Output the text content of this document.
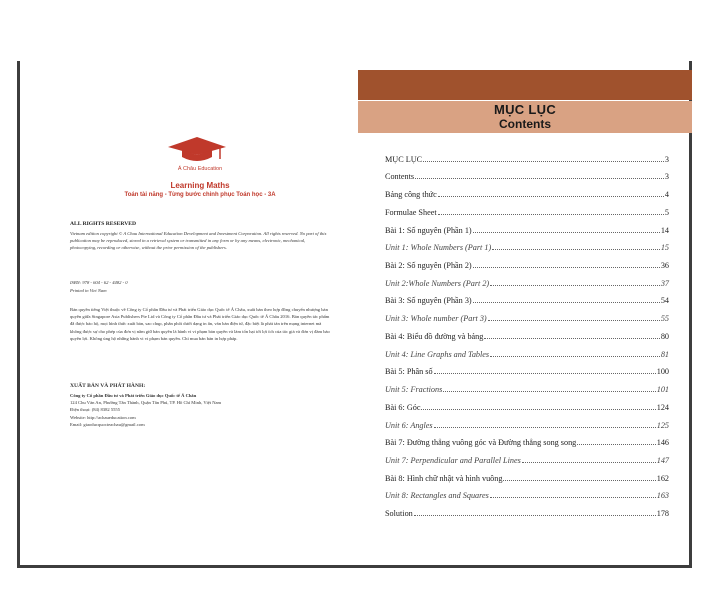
Á Châu Education
Learning Maths
Toán tài năng - Từng bước chinh phục Toán học - 3A
ALL RIGHTS RESERVED
Vietnam edition copyright © A Chau International Education Development and Investment Corporation. All rights reserved. No part of this publication may be reproduced, stored in a retrieval system or transmitted in any form or by any means, electronic, mechanical, photocopying, recording or otherwise, without the prior permission of the publishers.
ISBN: 978 - 604 - 62 - 4482 - 0
Printed in Viet Nam
Bản quyền tiếng Việt thuộc về Công ty Cổ phần Đầu tư và Phát triển Giáo dục Quốc tế Á Châu, xuất bản theo hợp đồng chuyển nhượng bản quyền giữa Singapore Asia Publishers Pte Ltd và Công ty Cổ phần Đầu tư và Phát triển Giáo dục Quốc tế Á Châu 2016. Bản quyền tác phẩm đã được bảo hộ, mọi hình thức xuất bản, sao chụp, phân phối dưới dạng in ấn, văn bản điện tử, đặc biệt là phát tán trên mạng internet mà không được sự cho phép của đơn vị nắm giữ bản quyền là hành vi vi phạm bản quyền và làm tổn hại tới lợi ích của tác giả và đơn vị đảm bảo quyền lợi. Không ủng hộ những hành vi vi phạm bản quyền. Chỉ mua bán bản in hợp pháp.
XUẤT BẢN VÀ PHÁT HÀNH:
Công ty Cổ phần Đầu tư và Phát triển Giáo dục Quốc tế Á Châu
124 Chu Văn An, Phường Tân Thành, Quận Tân Phú, TP. Hồ Chí Minh, Việt Nam
Điện thoại: (84) 8382 5555
Website: http://achaueducation.com
Email: giaoducquocteachau@gmail.com
MỤC LỤC
Contents
MỤC LỤC	3
Contents	3
Bảng công thức	4
Formulae Sheet	5
Bài 1: Số nguyên (Phần 1)	14
Unit 1: Whole Numbers (Part 1)	15
Bài 2: Số nguyên (Phần 2)	36
Unit 2:Whole Numbers (Part 2)	37
Bài 3: Số nguyên (Phần 3)	54
Unit 3: Whole number (Part 3)	55
Bài 4: Biểu đồ đường và bảng	80
Unit 4: Line Graphs and Tables	81
Bài 5: Phân số	100
Unit 5: Fractions	101
Bài 6: Góc	124
Unit 6: Angles	125
Bài 7: Đường thẳng vuông góc và Đường thẳng song song	146
Unit 7: Perpendicular and Parallel Lines	147
Bài 8: Hình chữ nhật và hình vuông	162
Unit 8: Rectangles and Squares	163
Solution	178
